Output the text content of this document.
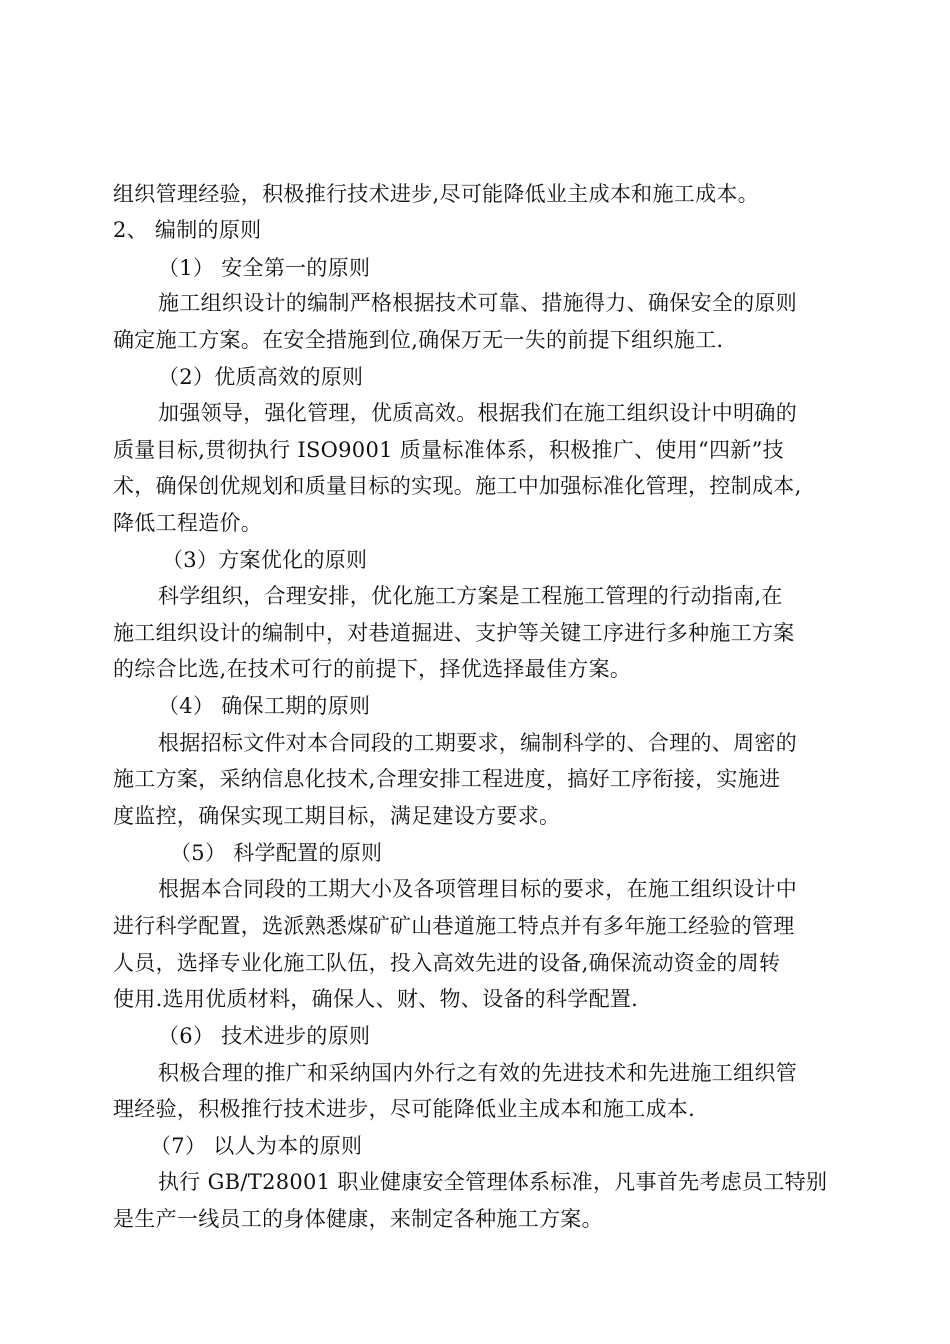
组织管理经验，积极推行技术进步,尽可能降低业主成本和施工成本。
2、 编制的原则
（1） 安全第一的原则
施工组织设计的编制严格根据技术可靠、措施得力、确保安全的原则
确定施工方案。在安全措施到位,确保万无一失的前提下组织施工.
（2）优质高效的原则
加强领导，强化管理，优质高效。根据我们在施工组织设计中明确的
质量目标,贯彻执行 ISO9001 质量标准体系，积极推广、使用“四新”技
术，确保创优规划和质量目标的实现。施工中加强标准化管理，控制成本,
降低工程造价。
（3）方案优化的原则
科学组织，合理安排，优化施工方案是工程施工管理的行动指南,在
施工组织设计的编制中，对巷道掘进、支护等关键工序进行多种施工方案
的综合比选,在技术可行的前提下，择优选择最佳方案。
（4） 确保工期的原则
根据招标文件对本合同段的工期要求，编制科学的、合理的、周密的
施工方案，采纳信息化技术,合理安排工程进度，搞好工序衔接，实施进
度监控，确保实现工期目标，满足建设方要求。
（5） 科学配置的原则
根据本合同段的工期大小及各项管理目标的要求，在施工组织设计中
进行科学配置，选派熟悉煤矿矿山巷道施工特点并有多年施工经验的管理
人员，选择专业化施工队伍，投入高效先进的设备,确保流动资金的周转
使用.选用优质材料，确保人、财、物、设备的科学配置.
（6） 技术进步的原则
积极合理的推广和采纳国内外行之有效的先进技术和先进施工组织管
理经验，积极推行技术进步，尽可能降低业主成本和施工成本.
（7） 以人为本的原则
执行 GB/T28001 职业健康安全管理体系标准，凡事首先考虑员工特别
是生产一线员工的身体健康，来制定各种施工方案。
